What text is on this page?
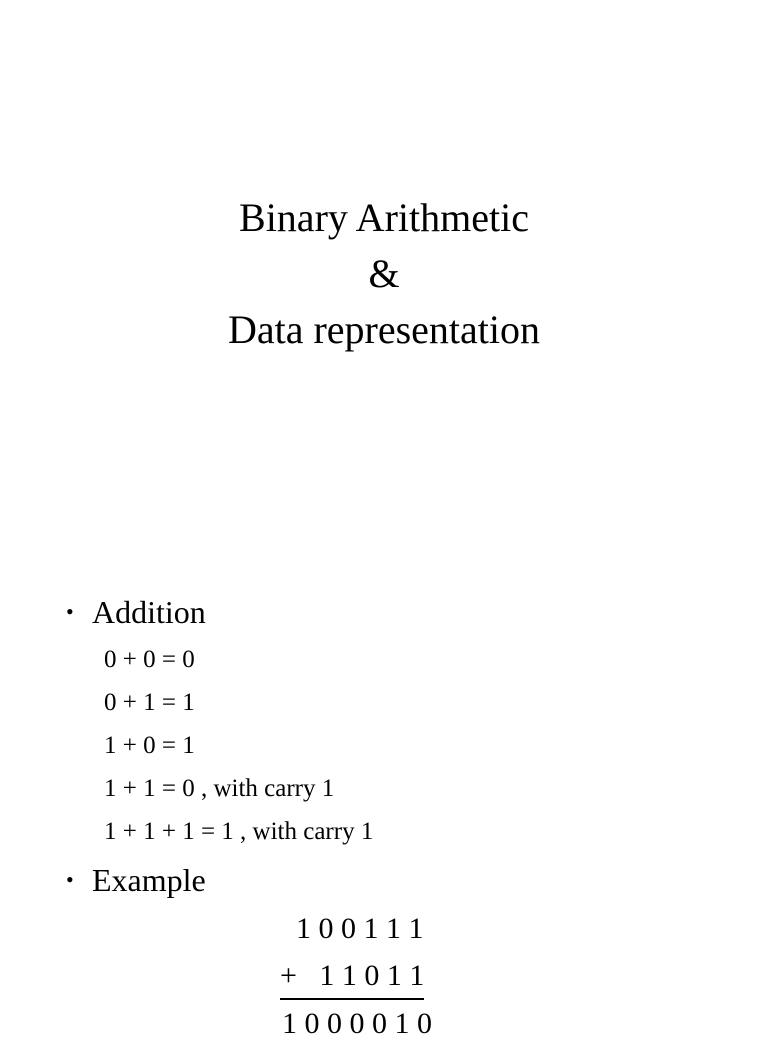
Binary Arithmetic
&
Data representation
• Addition
0 + 0 = 0
0 + 1 = 1
1 + 0 = 1
1 + 1 = 0 , with carry 1
1 + 1 + 1 = 1 , with carry 1
• Example
1 0 0 1 1 1
+   1 1 0 1 1
1 0 0 0 0 1 0
